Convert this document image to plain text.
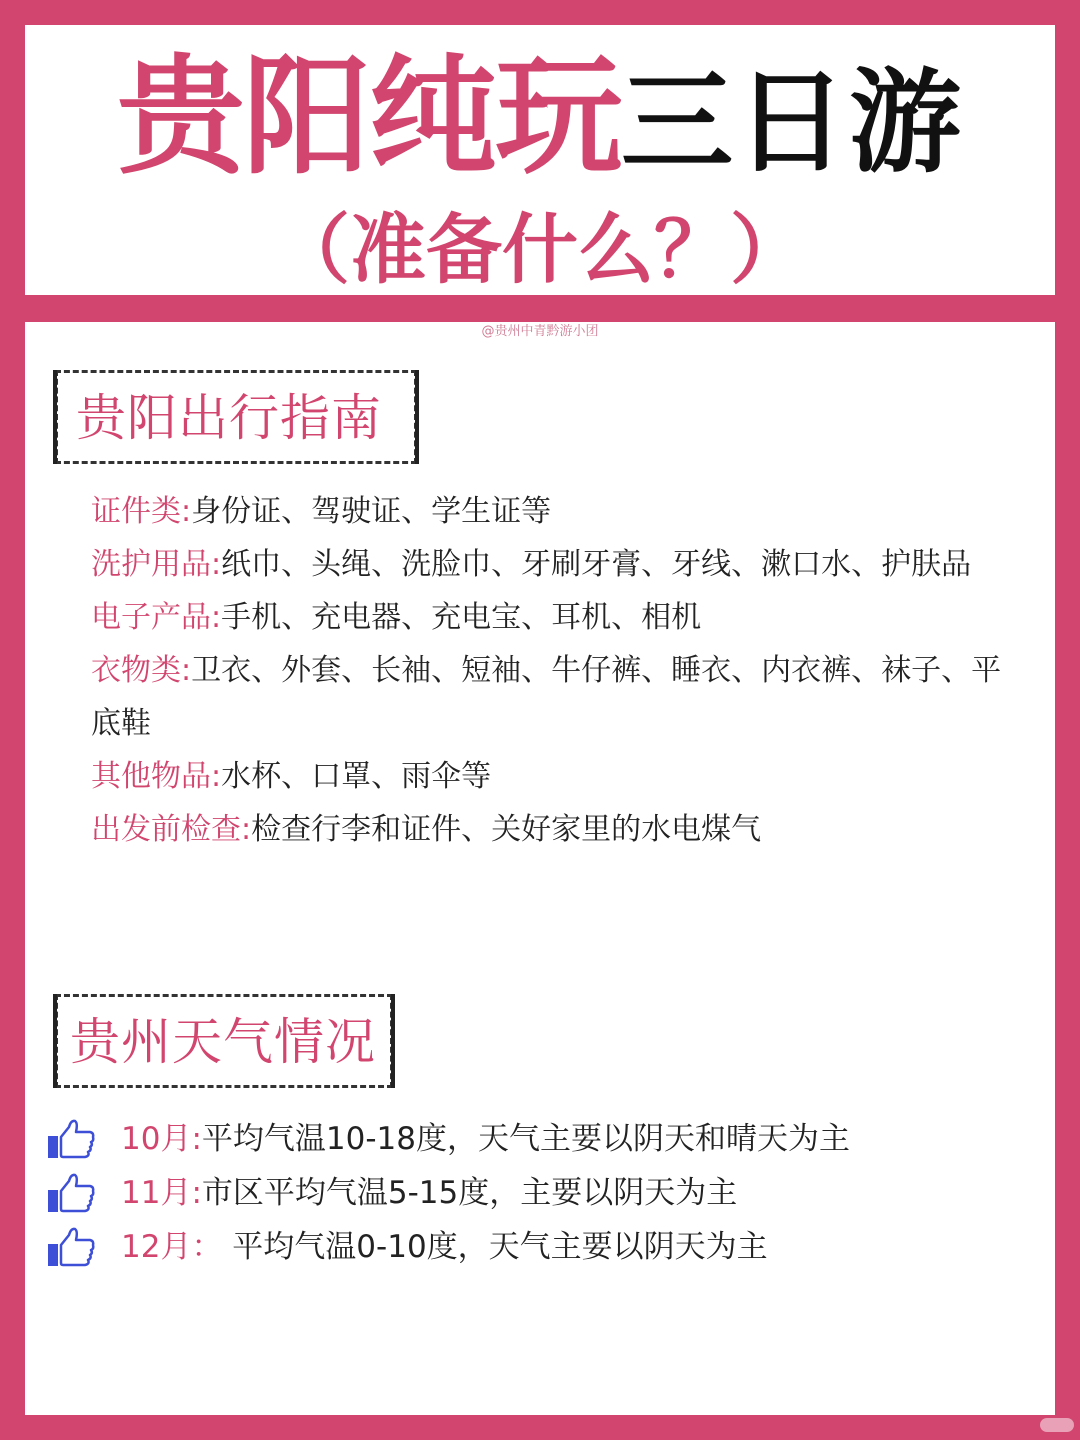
贵阳纯玩三日游
（准备什么？）
@贵州中青黔游小团
贵阳出行指南
证件类:身份证、驾驶证、学生证等
洗护用品:纸巾、头绳、洗脸巾、牙刷牙膏、牙线、漱口水、护肤品
电子产品:手机、充电器、充电宝、耳机、相机
衣物类:卫衣、外套、长袖、短袖、牛仔裤、睡衣、内衣裤、袜子、平底鞋
其他物品:水杯、口罩、雨伞等
出发前检查:检查行李和证件、关好家里的水电煤气
贵州天气情况
10月:平均气温10-18度，天气主要以阴天和晴天为主
11月:市区平均气温5-15度，主要以阴天为主
12月： 平均气温0-10度，天气主要以阴天为主
